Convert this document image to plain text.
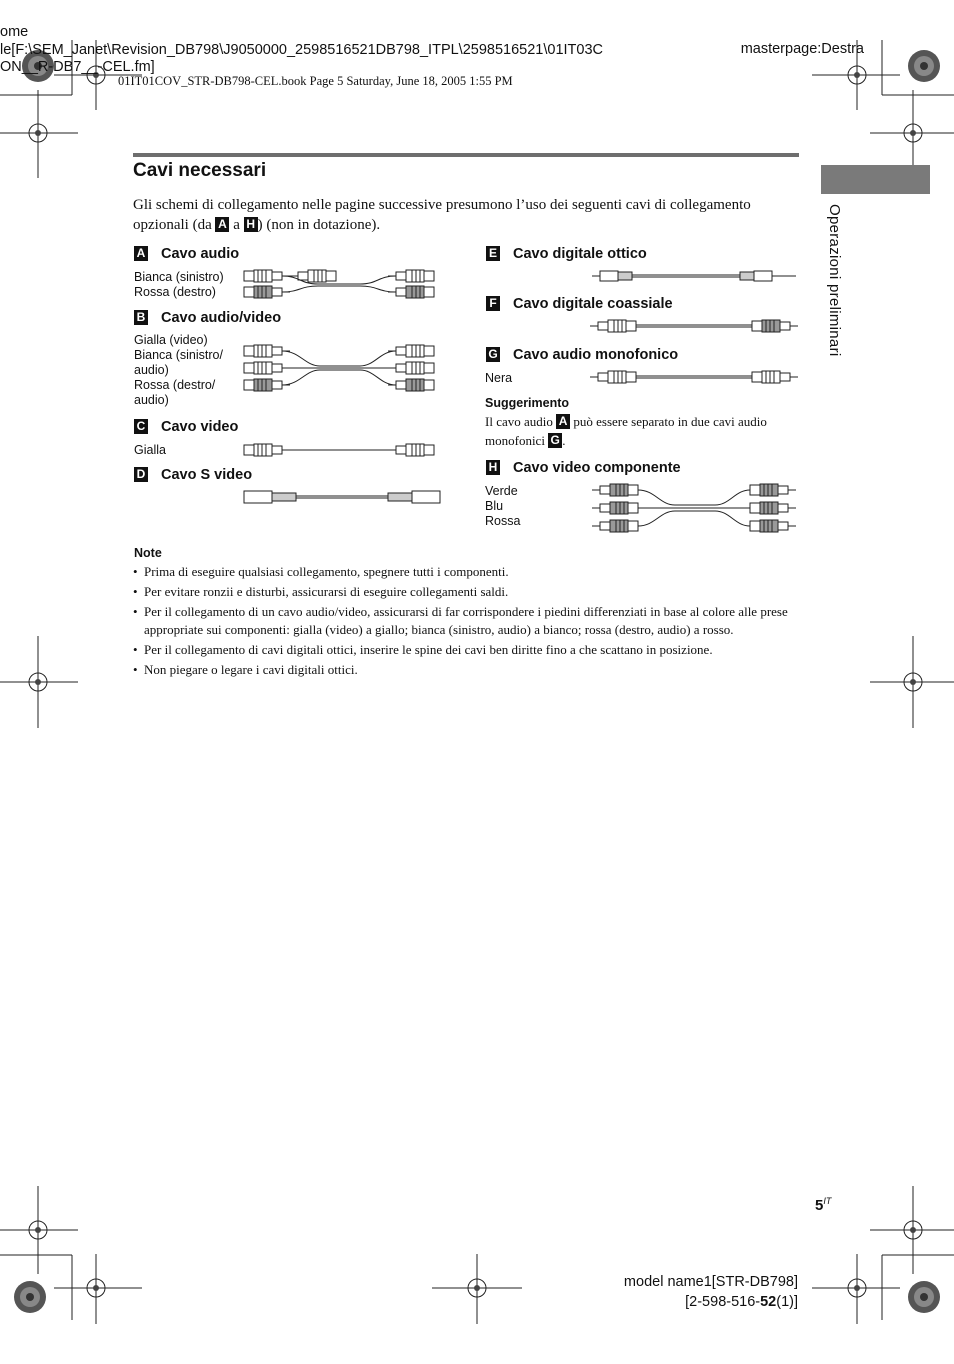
ome
le[F:\SEM_Janet\Revision_DB798\J9050000_2598516521DB798_ITPL\2598516521\01IT03C
ON__R-DB7__-CEL.fm]
masterpage:Destra
01IT01COV_STR-DB798-CEL.book Page 5 Saturday, June 18, 2005 1:55 PM
Operazioni preliminari
Cavi necessari
Gli schemi di collegamento nelle pagine successive presumono l’uso dei seguenti cavi di collegamento opzionali (da A a H ) (non in dotazione).
A Cavo audio
Bianca (sinistro)
Rossa (destro)
B Cavo audio/video
Gialla (video)
Bianca (sinistro/
audio)
Rossa (destro/
audio)
C Cavo video
Gialla
D Cavo S video
E Cavo digitale ottico
F Cavo digitale coassiale
G Cavo audio monofonico
Nera
Suggerimento
Il cavo audio A può essere separato in due cavi audio monofonici G .
H Cavo video componente
Verde
Blu
Rossa
Note
• Prima di eseguire qualsiasi collegamento, spegnere tutti i componenti.
• Per evitare ronzii e disturbi, assicurarsi di eseguire collegamenti saldi.
• Per il collegamento di un cavo audio/video, assicurarsi di far corrispondere i piedini differenziati in base al colore alle prese appropriate sui componenti: gialla (video) a giallo; bianca (sinistro, audio) a bianco; rossa (destro, audio) a rosso.
• Per il collegamento di cavi digitali ottici, inserire le spine dei cavi ben diritte fino a che scattano in posizione.
• Non piegare o legare i cavi digitali ottici.
$5^{IT}$
model name1[STR-DB798]
[2-598-516-52(1)]
